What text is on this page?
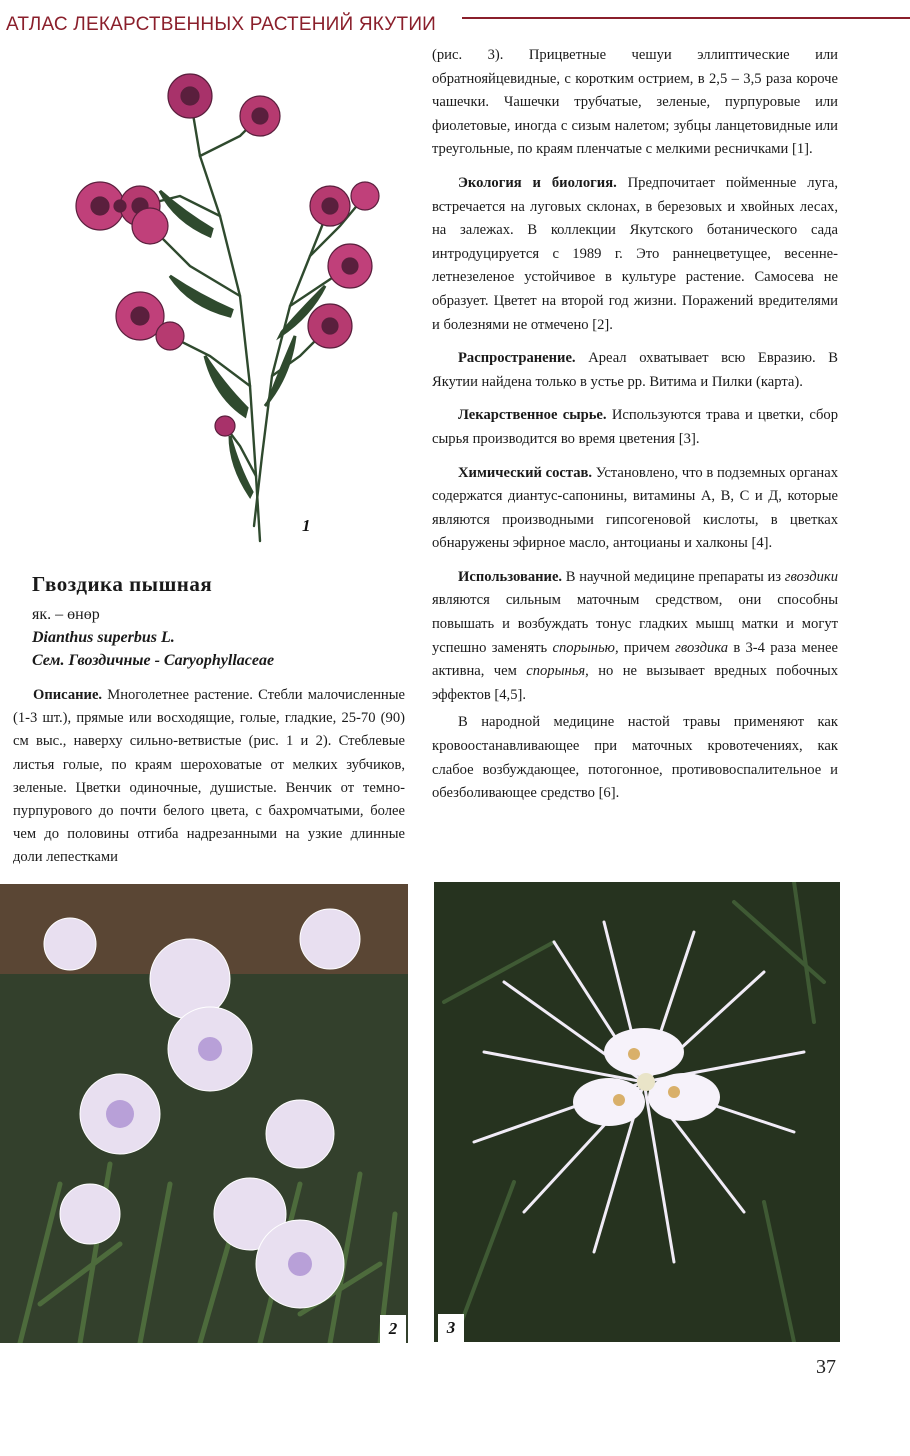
АТЛАС ЛЕКАРСТВЕННЫХ РАСТЕНИЙ ЯКУТИИ
1

Гвоздика пышная

як. – өнөр

Dianthus superbus L.

Сем. Гвоздичные - Caryophyllaceae

Описание. Многолетнее растение. Стебли малочисленные (1-3 шт.), прямые или восходящие, голые, гладкие, 25-70 (90) см выс., наверху сильно-ветвистые (рис. 1 и 2). Стеблевые листья голые, по краям шероховатые от мелких зубчиков, зеленые. Цветки одиночные, душистые. Венчик от темно-пурпурового до почти белого цвета, с бахромчатыми, более чем до половины отгиба надрезанными на узкие длинные доли лепестками

(рис. 3). Прицветные чешуи эллиптические или обратнояйцевидные, с коротким острием, в 2,5 – 3,5 раза короче чашечки. Чашечки трубчатые, зеленые, пурпуровые или фиолетовые, иногда с сизым налетом; зубцы ланцетовидные или треугольные, по краям пленчатые с мелкими ресничками [1].

Экология и биология. Предпочитает пойменные луга, встречается на луговых склонах, в березовых и хвойных лесах, на залежах. В коллекции Якутского ботанического сада интродуцируется с 1989 г. Это раннецветущее, весенне-летнезеленое устойчивое в культуре растение. Самосева не образует. Цветет на второй год жизни. Поражений вредителями и болезнями не отмечено [2].

Распространение. Ареал охватывает всю Евразию. В Якутии найдена только в устье рр. Витима и Пилки (карта).

Лекарственное сырье. Используются трава и цветки, сбор сырья производится во время цветения [3].

Химический состав. Установлено, что в подземных органах содержатся диантус-сапонины, витамины А, В, С и Д, которые являются производными гипсогеновой кислоты, в цветках обнаружены эфирное масло, антоцианы и халконы [4].

Использование. В научной медицине препараты из гвоздики являются сильным маточным средством, они способны повышать и возбуждать тонус гладких мышц матки и могут успешно заменять спорынью, причем гвоздика в 3-4 раза менее активна, чем спорынья, но не вызывает вредных побочных эффектов [4,5].

В народной медицине настой травы применяют как кровоостанавливающее при маточных кровотечениях, как слабое возбуждающее, потогонное, противовоспалительное и обезболивающее средство [6].

2	3
37
